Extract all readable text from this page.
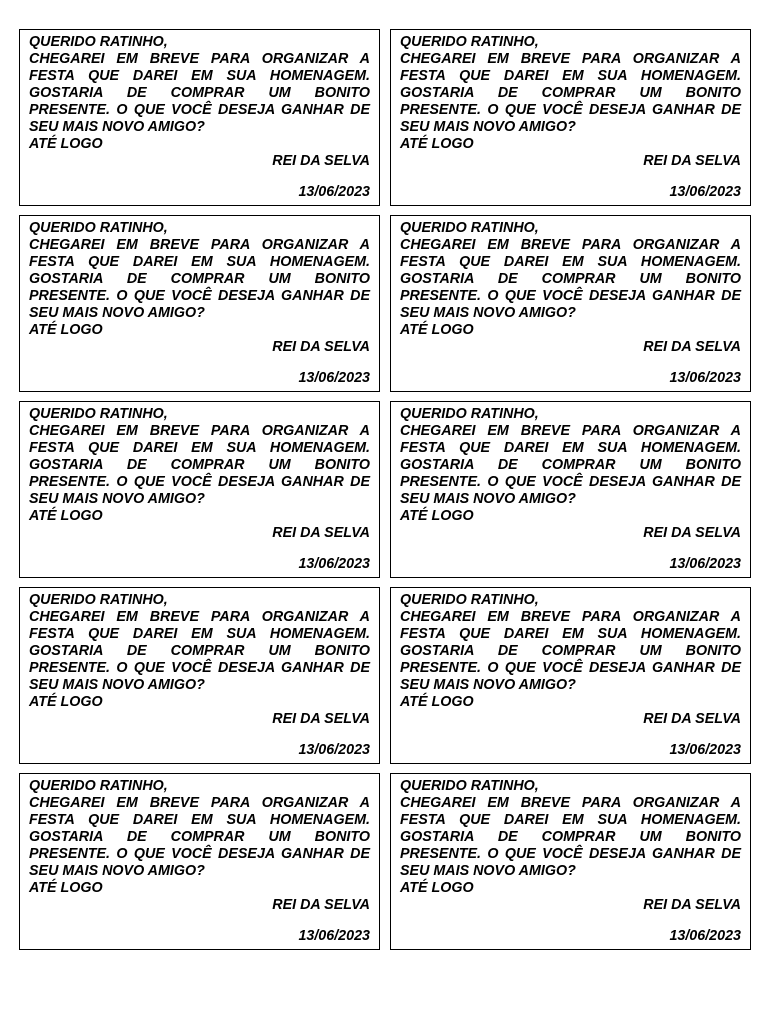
QUERIDO RATINHO,
CHEGAREI EM BREVE PARA ORGANIZAR A FESTA QUE DAREI EM SUA HOMENAGEM. GOSTARIA DE COMPRAR UM BONITO PRESENTE. O QUE VOCÊ DESEJA GANHAR DE SEU MAIS NOVO AMIGO?
ATÉ LOGO
REI DA SELVA
13/06/2023
QUERIDO RATINHO,
CHEGAREI EM BREVE PARA ORGANIZAR A FESTA QUE DAREI EM SUA HOMENAGEM. GOSTARIA DE COMPRAR UM BONITO PRESENTE. O QUE VOCÊ DESEJA GANHAR DE SEU MAIS NOVO AMIGO?
ATÉ LOGO
REI DA SELVA
13/06/2023
QUERIDO RATINHO,
CHEGAREI EM BREVE PARA ORGANIZAR A FESTA QUE DAREI EM SUA HOMENAGEM. GOSTARIA DE COMPRAR UM BONITO PRESENTE. O QUE VOCÊ DESEJA GANHAR DE SEU MAIS NOVO AMIGO?
ATÉ LOGO
REI DA SELVA
13/06/2023
QUERIDO RATINHO,
CHEGAREI EM BREVE PARA ORGANIZAR A FESTA QUE DAREI EM SUA HOMENAGEM. GOSTARIA DE COMPRAR UM BONITO PRESENTE. O QUE VOCÊ DESEJA GANHAR DE SEU MAIS NOVO AMIGO?
ATÉ LOGO
REI DA SELVA
13/06/2023
QUERIDO RATINHO,
CHEGAREI EM BREVE PARA ORGANIZAR A FESTA QUE DAREI EM SUA HOMENAGEM. GOSTARIA DE COMPRAR UM BONITO PRESENTE. O QUE VOCÊ DESEJA GANHAR DE SEU MAIS NOVO AMIGO?
ATÉ LOGO
REI DA SELVA
13/06/2023
QUERIDO RATINHO,
CHEGAREI EM BREVE PARA ORGANIZAR A FESTA QUE DAREI EM SUA HOMENAGEM. GOSTARIA DE COMPRAR UM BONITO PRESENTE. O QUE VOCÊ DESEJA GANHAR DE SEU MAIS NOVO AMIGO?
ATÉ LOGO
REI DA SELVA
13/06/2023
QUERIDO RATINHO,
CHEGAREI EM BREVE PARA ORGANIZAR A FESTA QUE DAREI EM SUA HOMENAGEM. GOSTARIA DE COMPRAR UM BONITO PRESENTE. O QUE VOCÊ DESEJA GANHAR DE SEU MAIS NOVO AMIGO?
ATÉ LOGO
REI DA SELVA
13/06/2023
QUERIDO RATINHO,
CHEGAREI EM BREVE PARA ORGANIZAR A FESTA QUE DAREI EM SUA HOMENAGEM. GOSTARIA DE COMPRAR UM BONITO PRESENTE. O QUE VOCÊ DESEJA GANHAR DE SEU MAIS NOVO AMIGO?
ATÉ LOGO
REI DA SELVA
13/06/2023
QUERIDO RATINHO,
CHEGAREI EM BREVE PARA ORGANIZAR A FESTA QUE DAREI EM SUA HOMENAGEM. GOSTARIA DE COMPRAR UM BONITO PRESENTE. O QUE VOCÊ DESEJA GANHAR DE SEU MAIS NOVO AMIGO?
ATÉ LOGO
REI DA SELVA
13/06/2023
QUERIDO RATINHO,
CHEGAREI EM BREVE PARA ORGANIZAR A FESTA QUE DAREI EM SUA HOMENAGEM. GOSTARIA DE COMPRAR UM BONITO PRESENTE. O QUE VOCÊ DESEJA GANHAR DE SEU MAIS NOVO AMIGO?
ATÉ LOGO
REI DA SELVA
13/06/2023
